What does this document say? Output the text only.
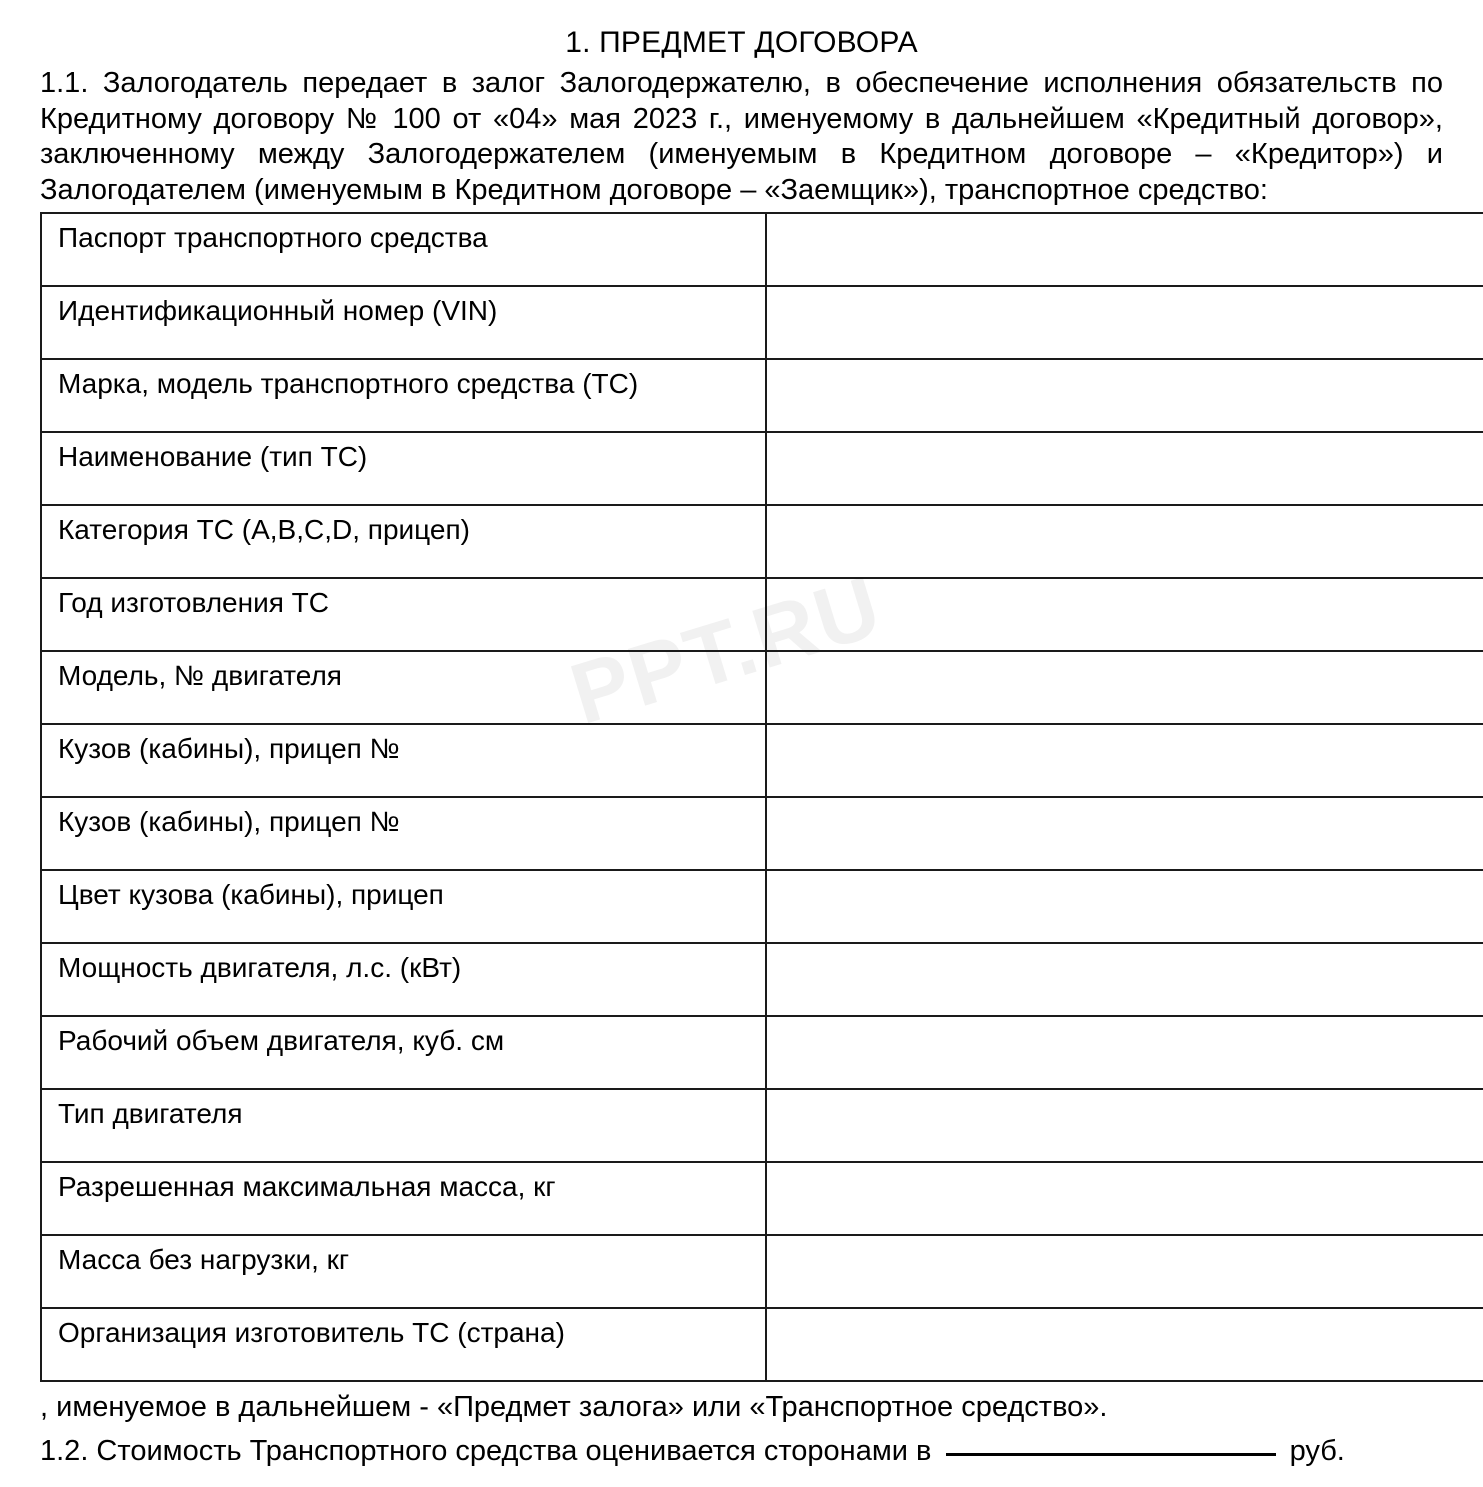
PPT.RU
1. ПРЕДМЕТ ДОГОВОРА

1.1. Залогодатель передает в залог Залогодержателю, в обеспечение исполнения обязательств по Кредитному договору № 100 от «04» мая 2023 г., именуемому в дальнейшем «Кредитный договор», заключенному между Залогодержателем (именуемым в Кредитном договоре – «Кредитор») и Залогодателем (именуемым в Кредитном договоре – «Заемщик»), транспортное средство:

Паспорт транспортного средства	
Идентификационный номер (VIN)	
Марка, модель транспортного средства (ТС)	
Наименование (тип ТС)	
Категория ТС (A,B,C,D, прицеп)	
Год изготовления ТС	
Модель, № двигателя	
Кузов (кабины), прицеп №	
Кузов (кабины), прицеп №	
Цвет кузова (кабины), прицеп	
Мощность двигателя, л.с. (кВт)	
Рабочий объем двигателя, куб. см	
Тип двигателя	
Разрешенная максимальная масса, кг	
Масса без нагрузки, кг	
Организация изготовитель ТС (страна)	
, именуемое в дальнейшем - «Предмет залога» или «Транспортное средство».
1.2. Стоимость Транспортного средства оценивается сторонами в	руб.
